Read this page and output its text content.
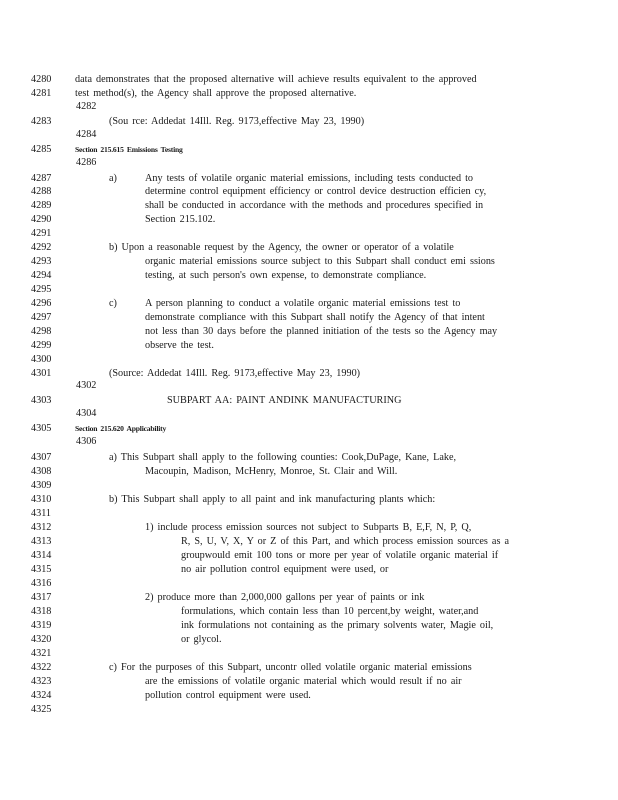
4280	data demonstrates that the proposed alternative will achieve results equivalent to the approved
4281	test method(s), the Agency shall approve the proposed alternative.
4282
4283	(Sou rce: Addedat 14Ill. Reg. 9173,effective May 23, 1990)
4284
4285	Section 215.615 Emissions Testing
4286
4287	a)	Any tests of volatile organic material emissions, including tests conducted to
4288	determine control equipment efficiency or control device destruction efficien cy,
4289	shall be conducted in accordance with the methods and procedures specified in
4290	Section 215.102.
4291
4292	b) Upon a reasonable request by the Agency, the owner or operator of a volatile
4293	organic material emissions source subject to this Subpart shall conduct emi ssions
4294	testing, at such person's own expense, to demonstrate compliance.
4295
4296	c)	A person planning to conduct a volatile organic material emissions test to
4297	demonstrate compliance with this Subpart shall notify the Agency of that intent
4298	not less than 30 days before the planned initiation of the tests so the Agency may
4299	observe the test.
4300
4301	(Source: Addedat 14Ill. Reg. 9173,effective May 23, 1990)
4302
4303	SUBPART AA: PAINT ANDINK MANUFACTURING
4304
4305	Section 215.620 Applicability
4306
4307	a) This Subpart shall apply to the following counties: Cook,DuPage, Kane, Lake,
4308	Macoupin, Madison, McHenry, Monroe, St. Clair and Will.
4309
4310	b) This Subpart shall apply to all paint and ink manufacturing plants which:
4311
4312	1) include process emission sources not subject to Subparts B, E,F, N, P, Q,
4313	R, S, U, V, X, Y or Z of this Part, and which process emission sources as a
4314	groupwould emit 100 tons or more per year of volatile organic material if
4315	no air pollution control equipment were used, or
4316
4317	2) produce more than 2,000,000 gallons per year of paints or ink
4318	formulations, which contain less than 10 percent,by weight, water,and
4319	ink formulations not containing as the primary solvents water, Magie oil,
4320	or glycol.
4321
4322	c) For the purposes of this Subpart, uncontr olled volatile organic material emissions
4323	are the emissions of volatile organic material which would result if no air
4324	pollution control equipment were used.
4325
